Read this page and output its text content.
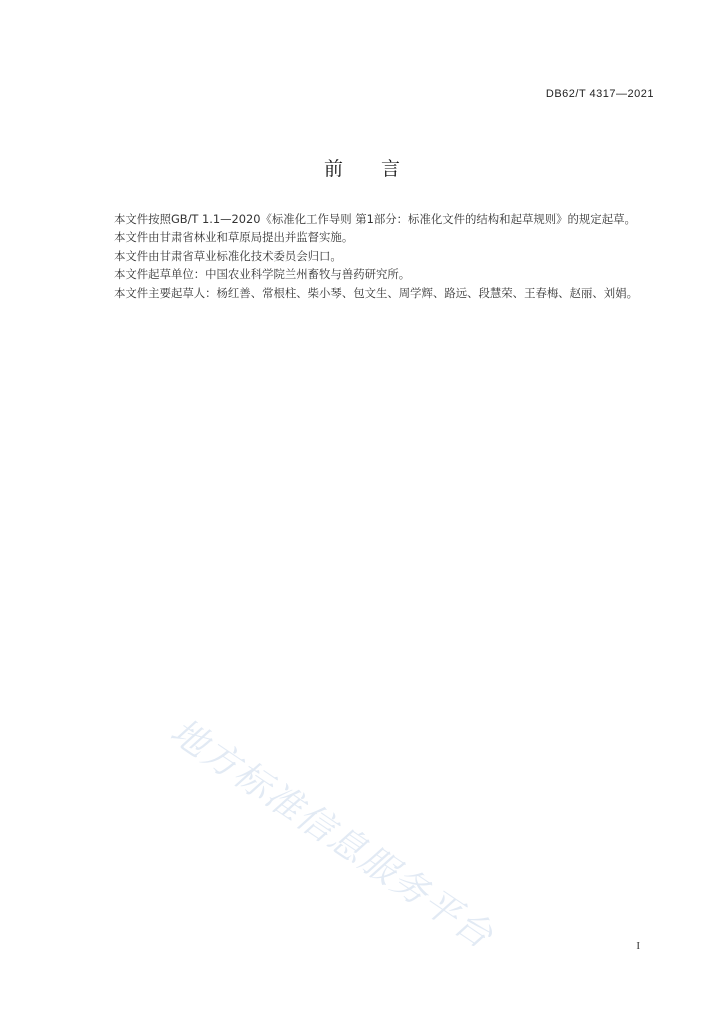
DB62/T 4317—2021
前言

本文件按照GB/T 1.1—2020《标准化工作导则 第1部分：标准化文件的结构和起草规则》的规定起草。

本文件由甘肃省林业和草原局提出并监督实施。

本文件由甘肃省草业标准化技术委员会归口。

本文件起草单位：中国农业科学院兰州畜牧与兽药研究所。

本文件主要起草人：杨红善、常根柱、柴小琴、包文生、周学辉、路远、段慧荣、王春梅、赵丽、刘娟。

地方标准信息服务平台	I
